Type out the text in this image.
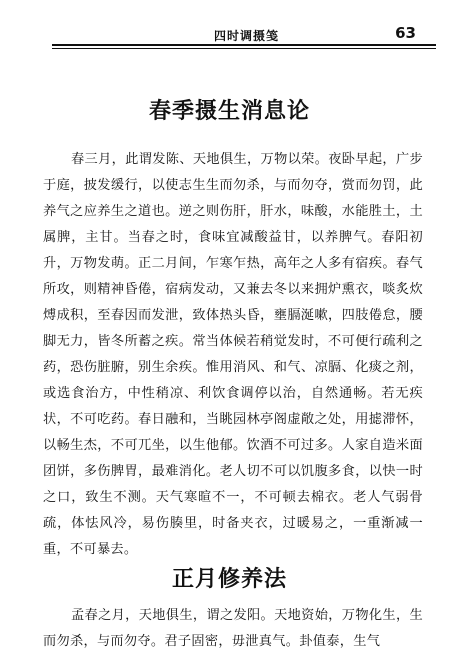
四时调摄笺	63
春季摄生消息论

春三月，此谓发陈、天地俱生，万物以荣。夜卧早起，广步于庭，披发缓行，以使志生生而勿杀，与而勿夺，赏而勿罚，此养气之应养生之道也。逆之则伤肝，肝水，味酸，水能胜土，土属脾，主甘。当春之时，食味宜减酸益甘，以养脾气。春阳初升，万物发萌。正二月间，乍寒乍热，高年之人多有宿疾。春气所攻，则精神昏倦，宿病发动，又兼去冬以来拥炉熏衣，啖炙炊煿成积，至春因而发泄，致体热头昏，壅膈涎嗽，四肢倦怠，腰脚无力，皆冬所蓄之疾。常当体候若稍觉发时，不可便行疏利之药，恐伤脏腑，别生余疾。惟用消风、和气、凉膈、化痰之剂，或选食治方，中性稍凉、利饮食调停以治，自然通畅。若无疾状，不可吃药。春日融和，当眺园林亭阁虚敞之处，用摅滞怀，以畅生杰，不可兀坐，以生他郁。饮酒不可过多。人家自造米面团饼，多伤脾胃，最难消化。老人切不可以饥腹多食，以快一时之口，致生不测。天气寒暄不一，不可顿去棉衣。老人气弱骨疏，体怯风冷，易伤腠里，时备夹衣，过暖易之，一重渐减一重，不可暴去。

正月修养法

孟春之月，天地俱生，谓之发阳。天地资始，万物化生，生而勿杀，与而勿夺。君子固密，毋泄真气。卦值泰，生气
